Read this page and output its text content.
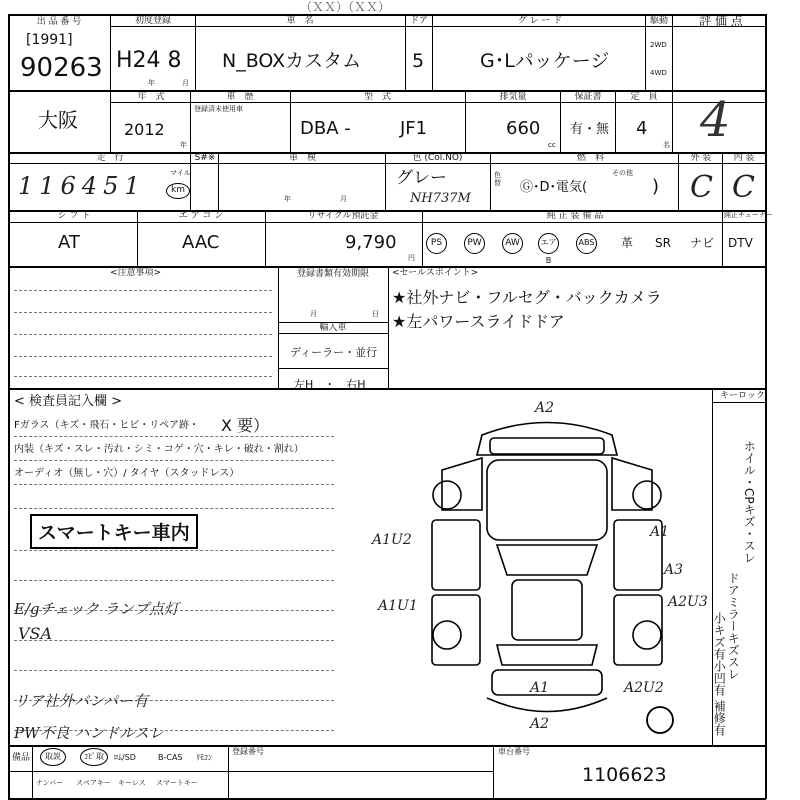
（ＸＸ）（ＸＸ）
出 品 番 号
[1991]
90263
初度登録
H24 8
年	月
車　名
N_BOXカスタム
ドア
5
グ レ ー ド
G･Lパッケージ
駆動
2WD
4WD
評 価 点
大阪
年　式
2012
年
車　歴
登録済未使用車
型　式
DBA -	JF1
排気量
660
cc
保証書
有・無
定　員
4
名 4
走　行
116451	マイル
km
S#※	車　検
年	月
色 (Col.NO)
グレー
NH737M
色替
燃　料
Ⓖ･D･電気(
その他
)
外 装
C
内 装
C
シ フ ト
AT
エ ア コ ン
AAC
リサイクル預託金
9,790
円
純 正 装 備 品	純正チューナー
PS	PW	AW	エアB
ABS 革 SR ナビ DTV
<注意事項>	登録書類有効期限
月	日
輸入車
ディーラー・並行
左H　・　右H
<セールスポイント>
★社外ナビ・フルセグ・バックカメラ
★左パワースライドドア
< 検査員記入欄 >
Fガラス（キズ・飛石・ヒビ・リペア跡・ X 要）
内装（キズ・スレ・汚れ・シミ・コゲ・穴・キレ・破れ・割れ）
オーディオ（無し・穴）/ タイヤ（スタッドレス）
スマートキー車内
E/gチェック ランプ点灯
VSA
リア社外バンパー有
PW不良 ハンドルスレ
A2
A1U2	A1
A3
A1U1	A2U3
A1	A2U2
A2
キーロック
ホイル・CPキズ・スレ
ドアミラーキズスレ
小キズ有
小凹有
補修有
備品	取説	ｺﾋﾟ取	ﾛﾑ/SD	B-CAS ﾘﾓｺﾝ
ナンバー スペアキー キーレス スマートキー
登録番号	車台番号
1106623
